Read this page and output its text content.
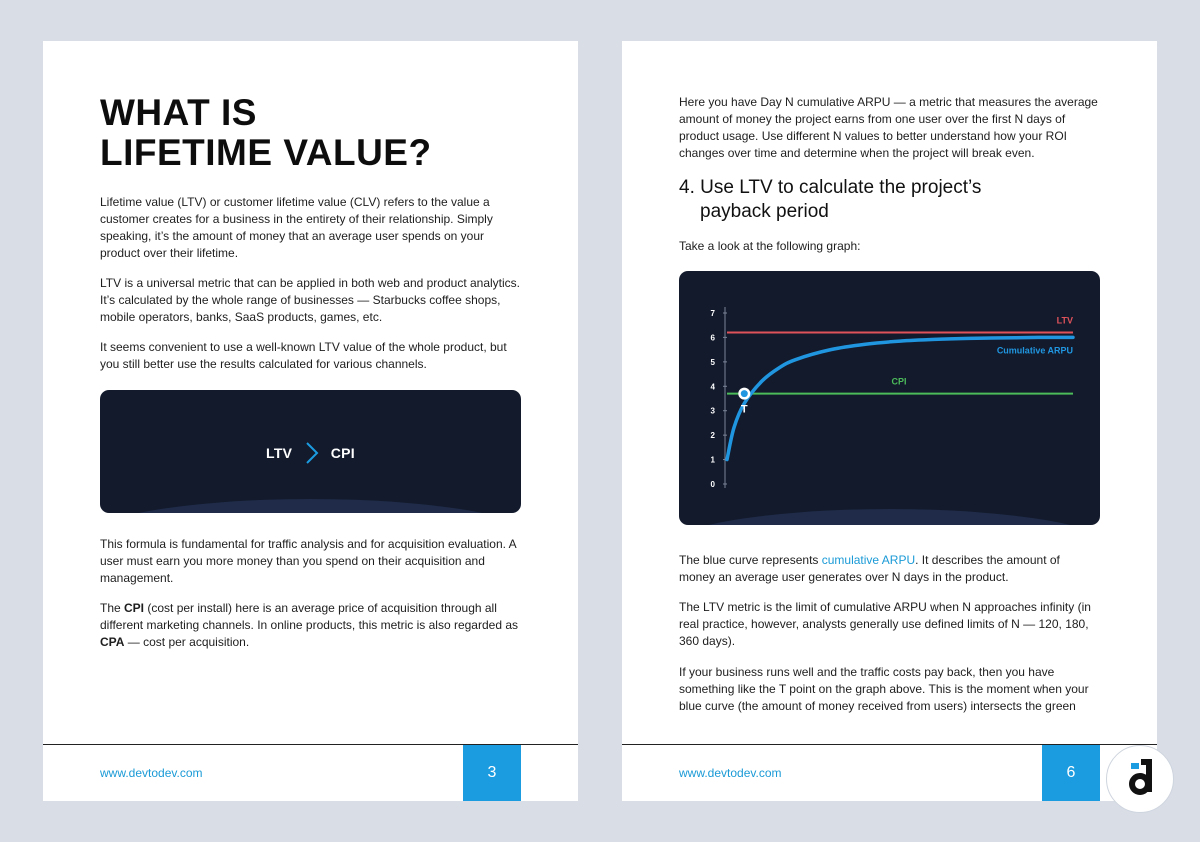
WHAT IS
LIFETIME VALUE?

Lifetime value (LTV) or customer lifetime value (CLV) refers to the value a customer creates for a business in the entirety of their relationship. Simply speaking, it’s the amount of money that an average user spends on your product over their lifetime.

LTV is a universal metric that can be applied in both web and product analytics. It’s calculated by the whole range of businesses — Starbucks coffee shops, mobile operators, banks, SaaS products, games, etc.

It seems convenient to use a well-known LTV value of the whole product, but you still better use the results calculated for various channels.

LTV	CPI

This formula is fundamental for traffic analysis and for acquisition evaluation. A user must earn you more money than you spend on their acquisition and management.

The CPI (cost per install) here is an average price of acquisition through all different marketing channels. In online products, this metric is also regarded as CPA — cost per acquisition.

www.devtodev.com	3

Here you have Day N cumulative ARPU — a metric that measures the average amount of money the project earns from one user over the first N days of product usage. Use different N values to better understand how your ROI changes over time and determine when the project will break even.

4. Use LTV to calculate the project’s
payback period

Take a look at the following graph:

0
1
2
3
4
5
6
7
LTV
CPI
Cumulative ARPU
T

The blue curve represents cumulative ARPU. It describes the amount of money an average user generates over N days in the product.

The LTV metric is the limit of cumulative ARPU when N approaches infinity (in real practice, however, analysts generally use defined limits of N — 120, 180, 360 days).

If your business runs well and the traffic costs pay back, then you have something like the T point on the graph above. This is the moment when your blue curve (the amount of money received from users) intersects the green

www.devtodev.com	6
